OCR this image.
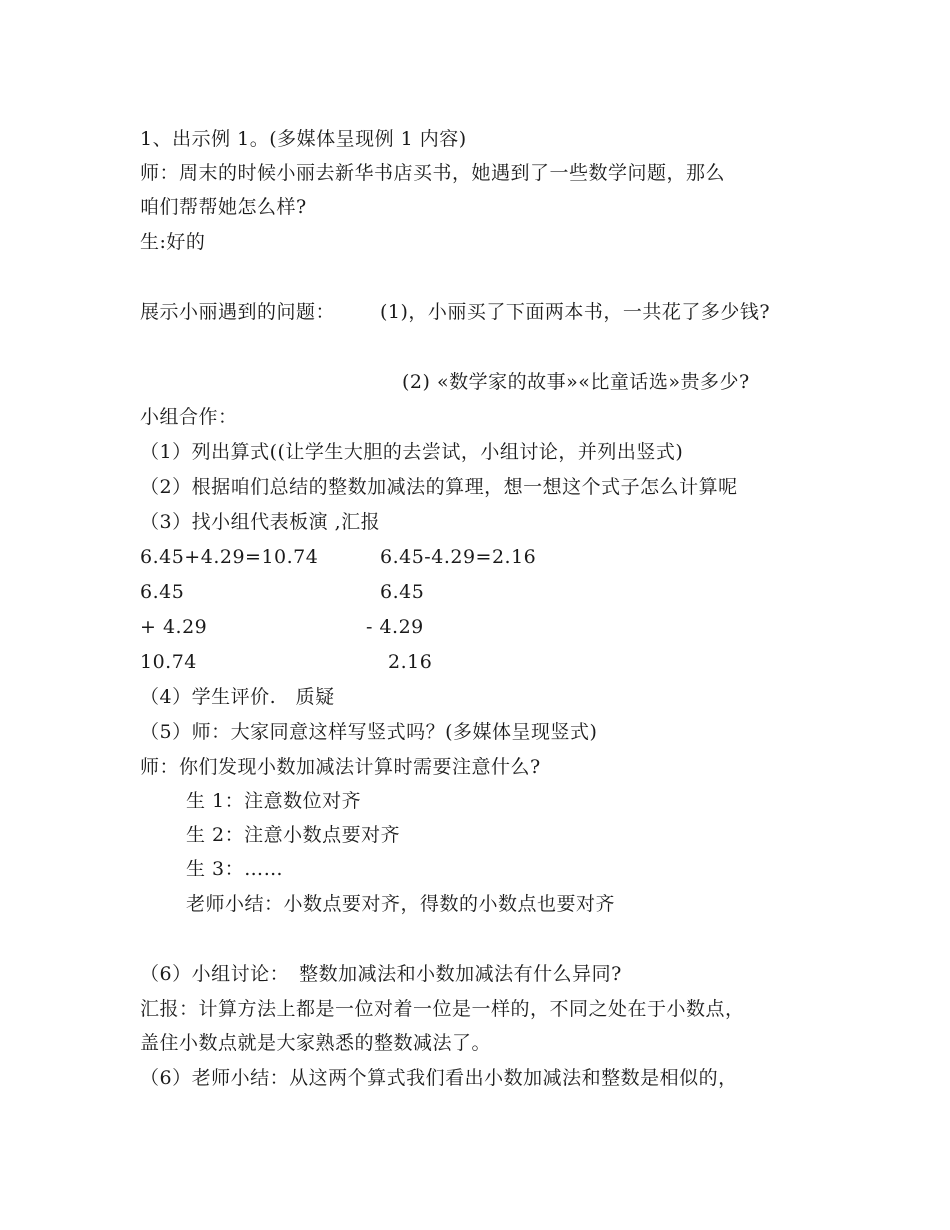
1、出示例 1。(多媒体呈现例 1 内容)
师：周末的时候小丽去新华书店买书，她遇到了一些数学问题，那么
咱们帮帮她怎么样?
生:好的
展示小丽遇到的问题： (1)，小丽买了下面两本书，一共花了多少钱?
(2) «数学家的故事»«比童话选»贵多少?
小组合作：
（1）列出算式((让学生大胆的去尝试，小组讨论，并列出竖式)
（2）根据咱们总结的整数加减法的算理，想一想这个式子怎么计算呢
（3）找小组代表板演 ,汇报
6.45+4.29=10.74	6.45-4.29=2.16
6.45	6.45
+ 4.29	- 4.29
10.74	2.16
（4）学生评价.　质疑
（5）师：大家同意这样写竖式吗？(多媒体呈现竖式)
师：你们发现小数加减法计算时需要注意什么?
生 1：注意数位对齐
生 2：注意小数点要对齐
生 3：……
老师小结：小数点要对齐，得数的小数点也要对齐
（6）小组讨论：　整数加减法和小数加减法有什么异同?
汇报：计算方法上都是一位对着一位是一样的，不同之处在于小数点，
盖住小数点就是大家熟悉的整数减法了。
（6）老师小结：从这两个算式我们看出小数加减法和整数是相似的，
